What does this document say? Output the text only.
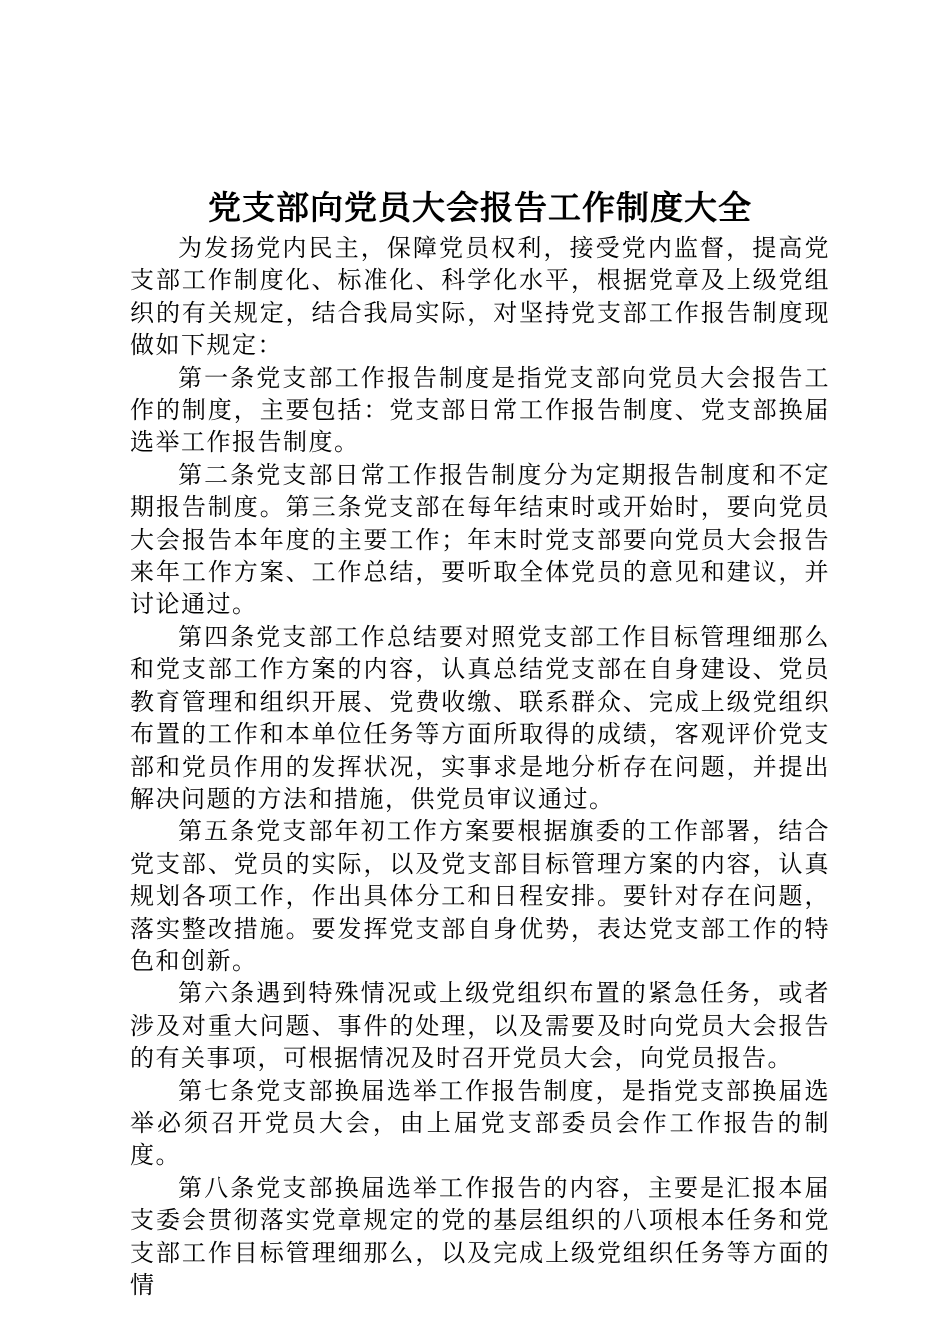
党支部向党员大会报告工作制度大全

为发扬党内民主，保障党员权利，接受党内监督，提高党支部工作制度化、标准化、科学化水平，根据党章及上级党组织的有关规定，结合我局实际，对坚持党支部工作报告制度现做如下规定：

第一条党支部工作报告制度是指党支部向党员大会报告工作的制度，主要包括：党支部日常工作报告制度、党支部换届选举工作报告制度。

第二条党支部日常工作报告制度分为定期报告制度和不定期报告制度。第三条党支部在每年结束时或开始时，要向党员大会报告本年度的主要工作；年末时党支部要向党员大会报告来年工作方案、工作总结，要听取全体党员的意见和建议，并讨论通过。

第四条党支部工作总结要对照党支部工作目标管理细那么和党支部工作方案的内容，认真总结党支部在自身建设、党员教育管理和组织开展、党费收缴、联系群众、完成上级党组织布置的工作和本单位任务等方面所取得的成绩，客观评价党支部和党员作用的发挥状况，实事求是地分析存在问题，并提出解决问题的方法和措施，供党员审议通过。

第五条党支部年初工作方案要根据旗委的工作部署，结合党支部、党员的实际，以及党支部目标管理方案的内容，认真规划各项工作，作出具体分工和日程安排。要针对存在问题，落实整改措施。要发挥党支部自身优势，表达党支部工作的特色和创新。

第六条遇到特殊情况或上级党组织布置的紧急任务，或者涉及对重大问题、事件的处理，以及需要及时向党员大会报告的有关事项，可根据情况及时召开党员大会，向党员报告。

第七条党支部换届选举工作报告制度，是指党支部换届选举必须召开党员大会，由上届党支部委员会作工作报告的制度。

第八条党支部换届选举工作报告的内容，主要是汇报本届支委会贯彻落实党章规定的党的基层组织的八项根本任务和党支部工作目标管理细那么，以及完成上级党组织任务等方面的情
